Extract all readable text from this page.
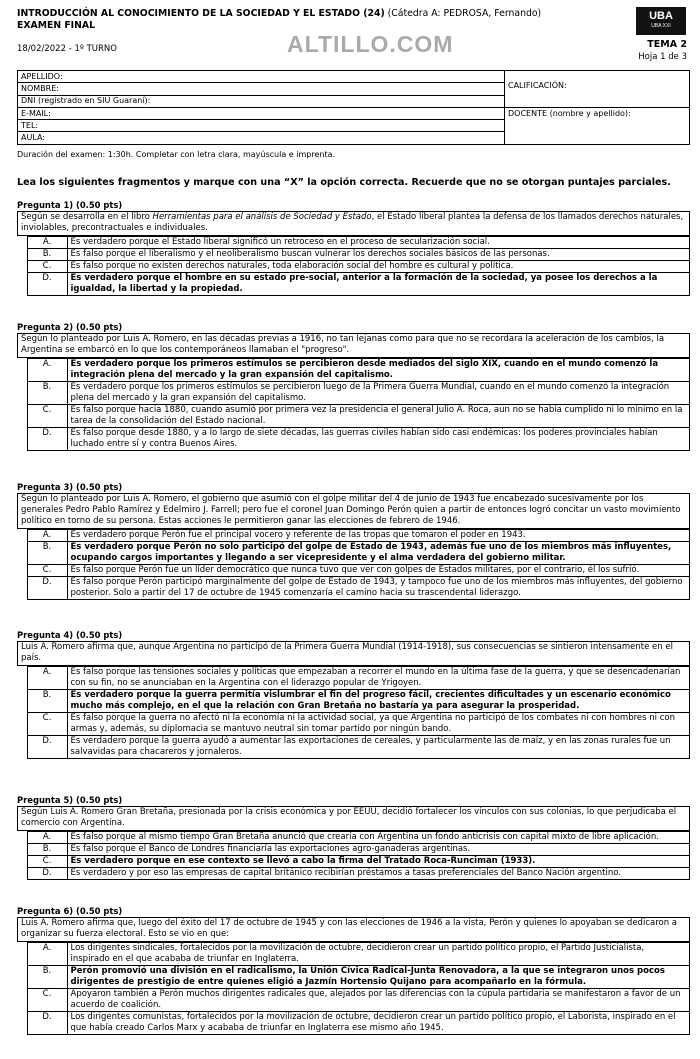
INTRODUCCIÓN AL CONOCIMIENTO DE LA SOCIEDAD Y EL ESTADO (24) (Cátedra A: PEDROSA, Fernando)
EXAMEN FINAL
18/02/2022 - 1º TURNO	ALTILLO.COM
UBA
UBA XXI
TEMA 2
Hoja 1 de 3
APELLIDO:	CALIFICACIÓN:
NOMBRE:	
DNI (registrado en SIU Guaraní):	
E-MAIL:	DOCENTE (nombre y apellido):
TEL:	
AULA:	
Duración del examen: 1:30h. Completar con letra clara, mayúscula e imprenta.
Lea los siguientes fragmentos y marque con una “X” la opción correcta. Recuerde que no se otorgan puntajes parciales.
Pregunta 1) (0.50 pts)
Según se desarrolla en el libro Herramientas para el análisis de Sociedad y Estado, el Estado liberal plantea la defensa de los llamados derechos naturales, inviolables, precontractuales e individuales.
	A.	Es verdadero porque el Estado liberal significó un retroceso en el proceso de secularización social.
	B.	Es falso porque el liberalismo y el neoliberalismo buscan vulnerar los derechos sociales básicos de las personas.
	C.	Es falso porque no existen derechos naturales, toda elaboración social del hombre es cultural y política.
	D.	Es verdadero porque el hombre en su estado pre-social, anterior a la formación de la sociedad, ya posee los derechos a la igualdad, la libertad y la propiedad.
Pregunta 2) (0.50 pts)
Según lo planteado por Luis A. Romero, en las décadas previas a 1916, no tan lejanas como para que no se recordara la aceleración de los cambios, la Argentina se embarcó en lo que los contemporáneos llamaban el "progreso".
	A.	Es verdadero porque los primeros estímulos se percibieron desde mediados del siglo XIX, cuando en el mundo comenzó la integración plena del mercado y la gran expansión del capitalismo.
	B.	Es verdadero porque los primeros estímulos se percibieron luego de la Primera Guerra Mundial, cuando en el mundo comenzó la integración plena del mercado y la gran expansión del capitalismo.
	C.	Es falso porque hacia 1880, cuando asumió por primera vez la presidencia el general Julio A. Roca, aun no se había cumplido ni lo mínimo en la tarea de la consolidación del Estado nacional.
	D.	Es falso porque desde 1880, y a lo largo de siete décadas, las guerras civiles habían sido casi endémicas: los poderes provinciales habían luchado entre sí y contra Buenos Aires.
Pregunta 3) (0.50 pts)
Según lo planteado por Luis A. Romero, el gobierno que asumió con el golpe militar del 4 de junio de 1943 fue encabezado sucesivamente por los generales Pedro Pablo Ramírez y Edelmiro J. Farrell; pero fue el coronel Juan Domingo Perón quien a partir de entonces logró concitar un vasto movimiento político en torno de su persona. Estas acciones le permitieron ganar las elecciones de febrero de 1946.
	A.	Es verdadero porque Perón fue el principal vocero y referente de las tropas que tomaron el poder en 1943.
	B.	Es verdadero porque Perón no solo participó del golpe de Estado de 1943, además fue uno de los miembros más influyentes, ocupando cargos importantes y llegando a ser vicepresidente y el alma verdadera del gobierno militar.
	C.	Es falso porque Perón fue un líder democrático que nunca tuvo que ver con golpes de Estados militares, por el contrario, él los sufrió.
	D.	Es falso porque Perón participó marginalmente del golpe de Estado de 1943, y tampoco fue uno de los miembros más influyentes, del gobierno posterior. Solo a partir del 17 de octubre de 1945 comenzaría el camino hacia su trascendental liderazgo.
Pregunta 4) (0.50 pts)
Luis A. Romero afirma que, aunque Argentina no participó de la Primera Guerra Mundial (1914-1918), sus consecuencias se sintieron intensamente en el país.
	A.	Es falso porque las tensiones sociales y políticas que empezaban a recorrer el mundo en la última fase de la guerra, y que se desencadenarían con su fin, no se anunciaban en la Argentina con el liderazgo popular de Yrigoyen.
	B.	Es verdadero porque la guerra permitía vislumbrar el fin del progreso fácil, crecientes dificultades y un escenario económico mucho más complejo, en el que la relación con Gran Bretaña no bastaría ya para asegurar la prosperidad.
	C.	Es falso porque la guerra no afectó ni la economía ni la actividad social, ya que Argentina no participó de los combates ni con hombres ni con armas y, además, su diplomacia se mantuvo neutral sin tomar partido por ningún bando.
	D.	Es verdadero porque la guerra ayudó a aumentar las exportaciones de cereales, y particularmente las de maíz, y en las zonas rurales fue un salvavidas para chacareros y jornaleros.
Pregunta 5) (0.50 pts)
Según Luis A. Romero Gran Bretaña, presionada por la crisis económica y por EEUU, decidió fortalecer los vínculos con sus colonias, lo que perjudicaba el comercio con Argentina.
	A.	Es falso porque al mismo tiempo Gran Bretaña anunció que crearía con Argentina un fondo anticrisis con capital mixto de libre aplicación.
	B.	Es falso porque el Banco de Londres financiaría las exportaciones agro-ganaderas argentinas.
	C.	Es verdadero porque en ese contexto se llevó a cabo la firma del Tratado Roca-Runciman (1933).
	D.	Es verdadero y por eso las empresas de capital británico recibirían préstamos a tasas preferenciales del Banco Nación argentino.
Pregunta 6) (0.50 pts)
Luis A. Romero afirma que, luego del éxito del 17 de octubre de 1945 y con las elecciones de 1946 a la vista, Perón y quienes lo apoyaban se dedicaron a organizar su fuerza electoral. Esto se vio en que:
	A.	Los dirigentes sindicales, fortalecidos por la movilización de octubre, decidieron crear un partido político propio, el Partido Justicialista, inspirado en el que acababa de triunfar en Inglaterra.
	B.	Perón promovió una división en el radicalismo, la Unión Cívica Radical-Junta Renovadora, a la que se integraron unos pocos dirigentes de prestigio de entre quienes eligió a Jazmín Hortensio Quijano para acompañarlo en la fórmula.
	C.	Apoyaron también a Perón muchos dirigentes radicales que, alejados por las diferencias con la cúpula partidaria se manifestaron a favor de un acuerdo de coalición.
	D.	Los dirigentes comunistas, fortalecidos por la movilización de octubre, decidieron crear un partido político propio, el Laborista, inspirado en el que había creado Carlos Marx y acababa de triunfar en Inglaterra ese mismo año 1945.
